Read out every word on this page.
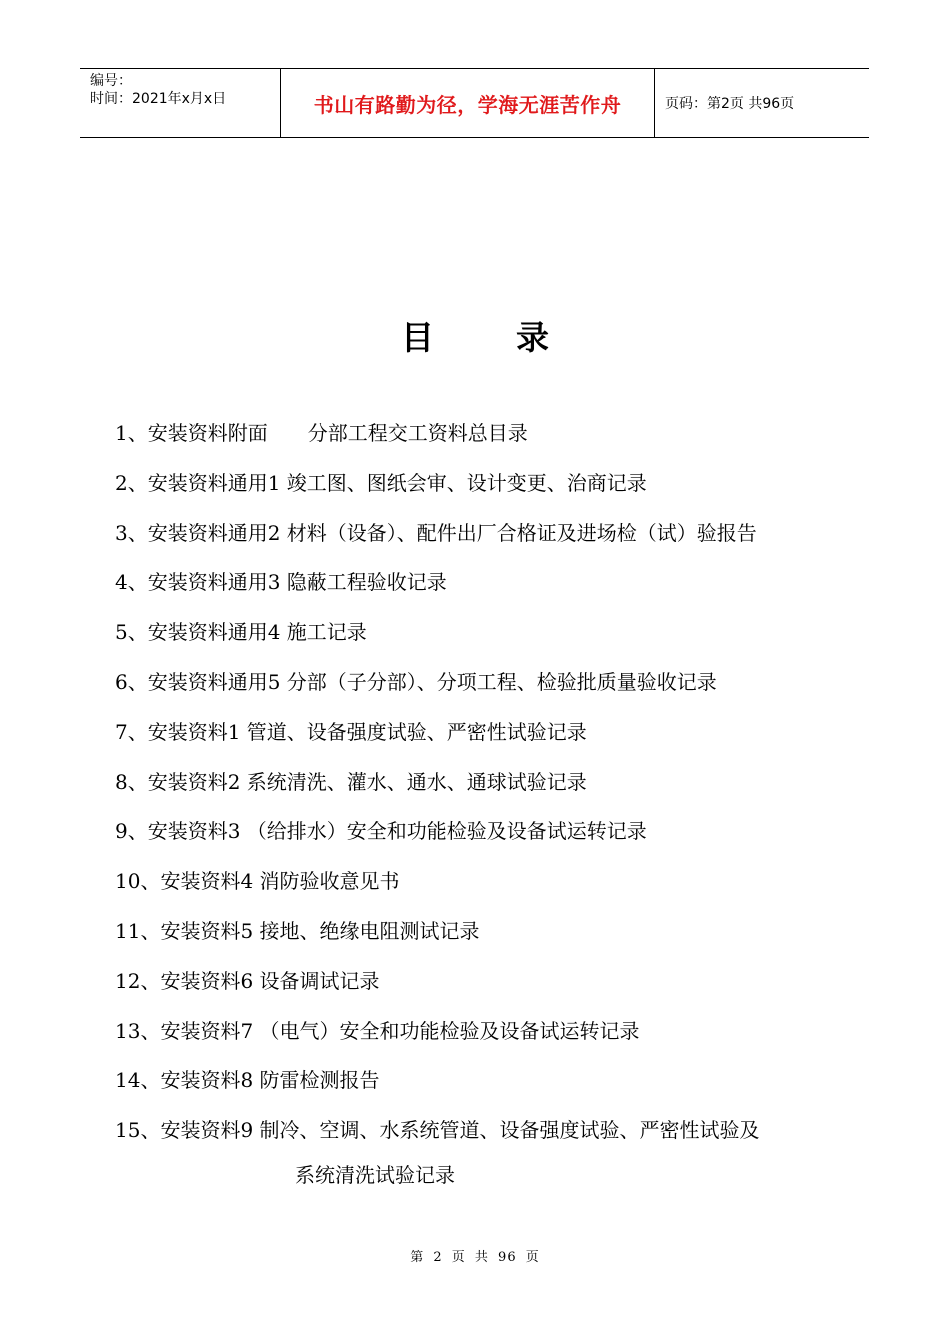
编号：
时间：2021年x月x日	书山有路勤为径，学海无涯苦作舟	页码：第2页 共96页
目录
1、安装资料附面　　分部工程交工资料总目录
2、安装资料通用1 竣工图、图纸会审、设计变更、治商记录
3、安装资料通用2 材料（设备）、配件出厂合格证及进场检（试）验报告
4、安装资料通用3 隐蔽工程验收记录
5、安装资料通用4 施工记录
6、安装资料通用5 分部（子分部）、分项工程、检验批质量验收记录
7、安装资料1 管道、设备强度试验、严密性试验记录
8、安装资料2 系统清洗、灌水、通水、通球试验记录
9、安装资料3 （给排水）安全和功能检验及设备试运转记录
10、安装资料4 消防验收意见书
11、安装资料5 接地、绝缘电阻测试记录
12、安装资料6 设备调试记录
13、安装资料7 （电气）安全和功能检验及设备试运转记录
14、安装资料8 防雷检测报告
15、安装资料9 制冷、空调、水系统管道、设备强度试验、严密性试验及
系统清洗试验记录
第 2 页 共 96 页
